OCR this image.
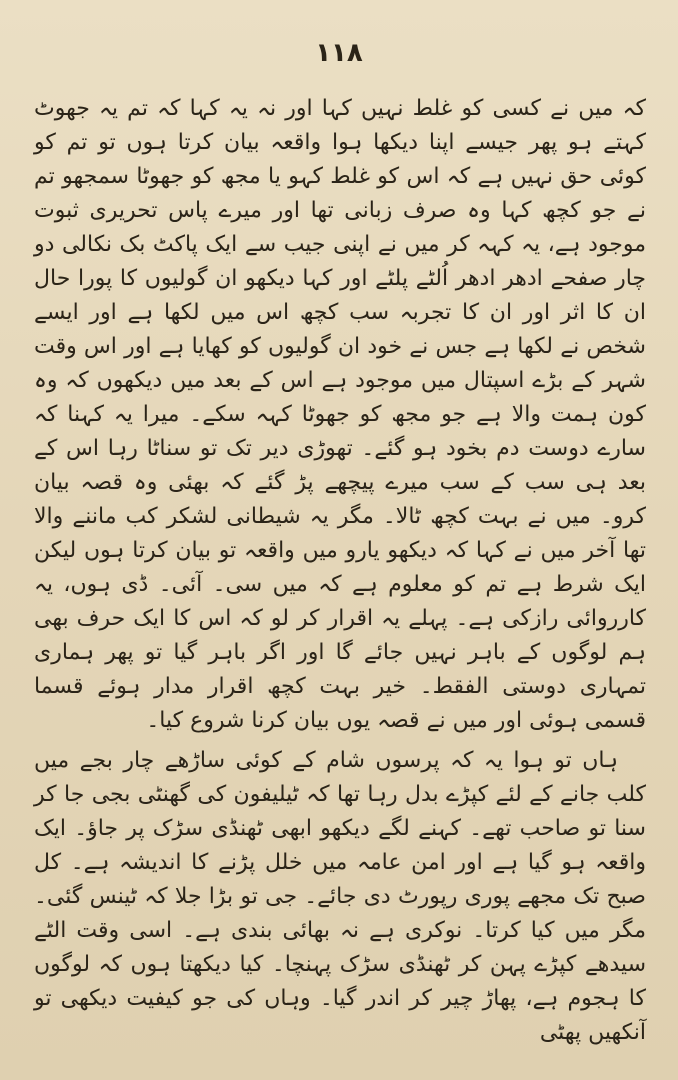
۱۱۸

کہ میں نے کسی کو غلط نہیں کہا اور نہ یہ کہا کہ تم یہ جھوٹ کہتے ہو پھر جیسے اپنا دیکھا ہوا واقعہ بیان کرتا ہوں تو تم کو کوئی حق نہیں ہے کہ اس کو غلط کہو یا مجھ کو جھوٹا سمجھو تم نے جو کچھ کہا وہ صرف زبانی تھا اور میرے پاس تحریری ثبوت موجود ہے، یہ کہہ کر میں نے اپنی جیب سے ایک پاکٹ بک نکالی دو چار صفحے ادھر ادھر اُلٹے پلٹے اور کہا دیکھو ان گولیوں کا پورا حال ان کا اثر اور ان کا تجربہ سب کچھ اس میں لکھا ہے اور ایسے شخص نے لکھا ہے جس نے خود ان گولیوں کو کھایا ہے اور اس وقت شہر کے بڑے اسپتال میں موجود ہے اس کے بعد میں دیکھوں کہ وہ کون ہمت والا ہے جو مجھ کو جھوٹا کہہ سکے۔ میرا یہ کہنا کہ سارے دوست دم بخود ہو گئے۔ تھوڑی دیر تک تو سناٹا رہا اس کے بعد ہی سب کے سب میرے پیچھے پڑ گئے کہ بھئی وہ قصہ بیان کرو۔ میں نے بہت کچھ ٹالا۔ مگر یہ شیطانی لشکر کب ماننے والا تھا آخر میں نے کہا کہ دیکھو یارو میں واقعہ تو بیان کرتا ہوں لیکن ایک شرط ہے تم کو معلوم ہے کہ میں سی۔ آئی۔ ڈی ہوں، یہ کارروائی رازکی ہے۔ پہلے یہ اقرار کر لو کہ اس کا ایک حرف بھی ہم لوگوں کے باہر نہیں جائے گا اور اگر باہر گیا تو پھر ہماری تمہاری دوستی الفقط۔ خیر بہت کچھ اقرار مدار ہوئے قسما قسمی ہوئی اور میں نے قصہ یوں بیان کرنا شروع کیا۔

ہاں تو ہوا یہ کہ پرسوں شام کے کوئی ساڑھے چار بجے میں کلب جانے کے لئے کپڑے بدل رہا تھا کہ ٹیلیفون کی گھنٹی بجی جا کر سنا تو صاحب تھے۔ کہنے لگے دیکھو ابھی ٹھنڈی سڑک پر جاؤ۔ ایک واقعہ ہو گیا ہے اور امن عامہ میں خلل پڑنے کا اندیشہ ہے۔ کل صبح تک مجھے پوری رپورٹ دی جائے۔ جی تو بڑا جلا کہ ٹینس گئی۔ مگر میں کیا کرتا۔ نوکری ہے نہ بھائی بندی ہے۔ اسی وقت الٹے سیدھے کپڑے پہن کر ٹھنڈی سڑک پہنچا۔ کیا دیکھتا ہوں کہ لوگوں کا ہجوم ہے، پھاڑ چیر کر اندر گیا۔ وہاں کی جو کیفیت دیکھی تو آنکھیں پھٹی
